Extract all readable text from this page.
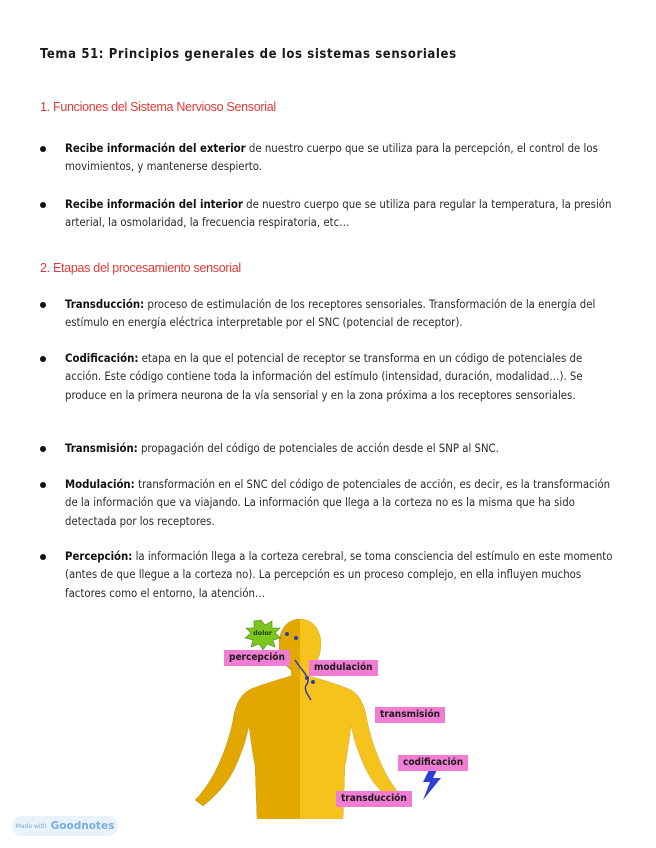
Tema 51: Principios generales de los sistemas sensoriales
1. Funciones del Sistema Nervioso Sensorial
Recibe información del exterior de nuestro cuerpo que se utiliza para la percepción, el control de los movimientos, y mantenerse despierto.
Recibe información del interior de nuestro cuerpo que se utiliza para regular la temperatura, la presión arterial, la osmolaridad, la frecuencia respiratoria, etc…
2. Etapas del procesamiento sensorial
Transducción: proceso de estimulación de los receptores sensoriales. Transformación de la energía del estímulo en energía eléctrica interpretable por el SNC (potencial de receptor).
Codificación: etapa en la que el potencial de receptor se transforma en un código de potenciales de acción. Este código contiene toda la información del estímulo (intensidad, duración, modalidad…). Se produce en la primera neurona de la vía sensorial y en la zona próxima a los receptores sensoriales.
Transmisión: propagación del código de potenciales de acción desde el SNP al SNC.
Modulación: transformación en el SNC del código de potenciales de acción, es decir, es la transformación de la información que va viajando. La información que llega a la corteza no es la misma que ha sido detectada por los receptores.
Percepción: la información llega a la corteza cerebral, se toma consciencia del estímulo en este momento (antes de que llegue a la corteza no). La percepción es un proceso complejo, en ella influyen muchos factores como el entorno, la atención…
dolor
percepción
modulación
transmisión
codificación
transducción
Made with Goodnotes
